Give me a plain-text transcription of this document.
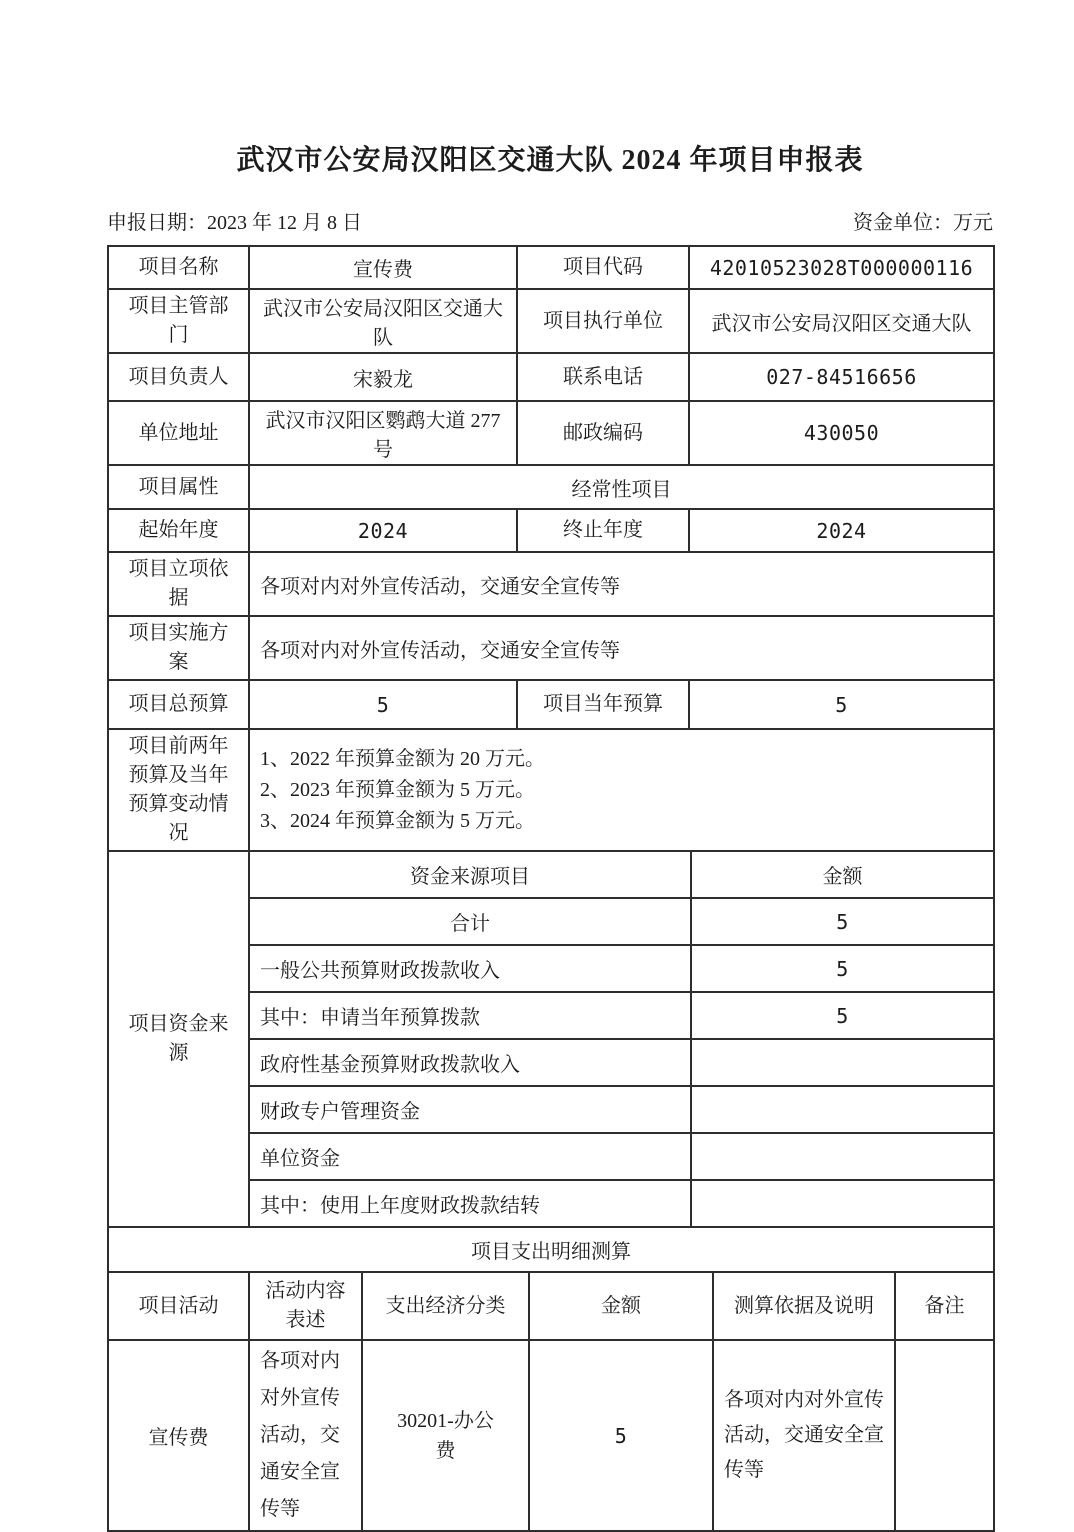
武汉市公安局汉阳区交通大队 2024 年项目申报表
申报日期：2023 年 12 月 8 日	资金单位：万元
项目名称	宣传费	项目代码	42010523028T000000116
项目主管部门	武汉市公安局汉阳区交通大队	项目执行单位	武汉市公安局汉阳区交通大队
项目负责人	宋毅龙	联系电话	027-84516656
单位地址	武汉市汉阳区鹦鹉大道 277 号	邮政编码	430050
项目属性	经常性项目		
起始年度	2024	终止年度	2024
项目立项依据	各项对内对外宣传活动，交通安全宣传等		
项目实施方案	各项对内对外宣传活动，交通安全宣传等		
项目总预算	5	项目当年预算	5
项目前两年预算及当年预算变动情况	1、2022 年预算金额为 20 万元。
2、2023 年预算金额为 5 万元。
3、2024 年预算金额为 5 万元。		
项目资金来源	资金来源项目	金额
	合计	5
	一般公共预算财政拨款收入	5
	其中：申请当年预算拨款	5
	政府性基金预算财政拨款收入	
	财政专户管理资金	
	单位资金	
	其中：使用上年度财政拨款结转	
项目支出明细测算
项目活动	活动内容表述	支出经济分类	金额	测算依据及说明	备注
宣传费	各项对内对外宣传活动，交通安全宣传等	30201-办公费	5	各项对内对外宣传活动，交通安全宣传等	
